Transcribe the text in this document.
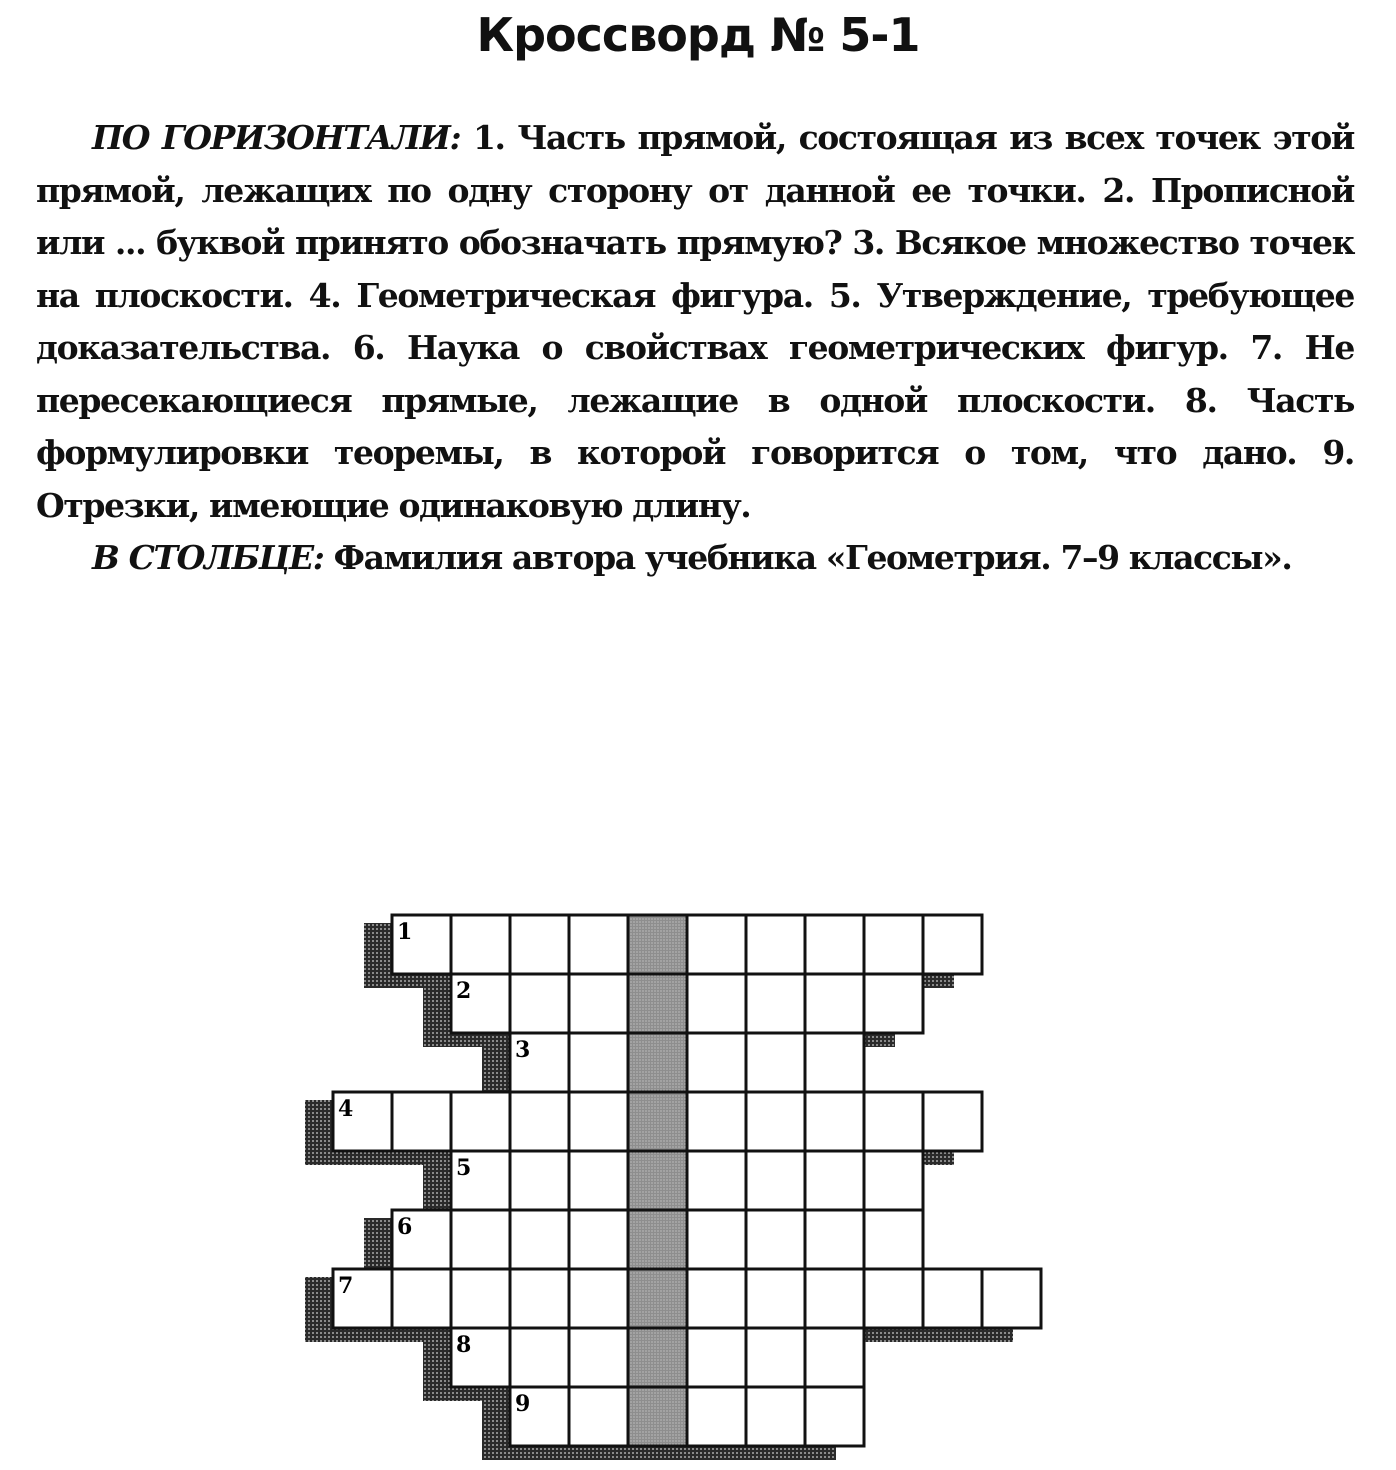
Кроссворд № 5-1

ПО ГОРИЗОНТАЛИ: 1. Часть прямой, состоящая из всех точек этой прямой, лежащих по одну сторону от данной ее точки. 2. Прописной или ... буквой принято обозначать прямую? 3. Всякое множество точек на плоскости. 4. Геометрическая фигура. 5. Утверждение, требующее доказательства. 6. Наука о свойствах геометрических фигур. 7. Не пересекающиеся прямые, лежащие в одной плоскости. 8. Часть формулировки теоремы, в которой говорится о том, что дано. 9. Отрезки, имеющие одинаковую длину.

В СТОЛБЦЕ: Фамилия автора учебника «Геометрия. 7–9 классы».

1
2
3
4
5
6
7
8
9
